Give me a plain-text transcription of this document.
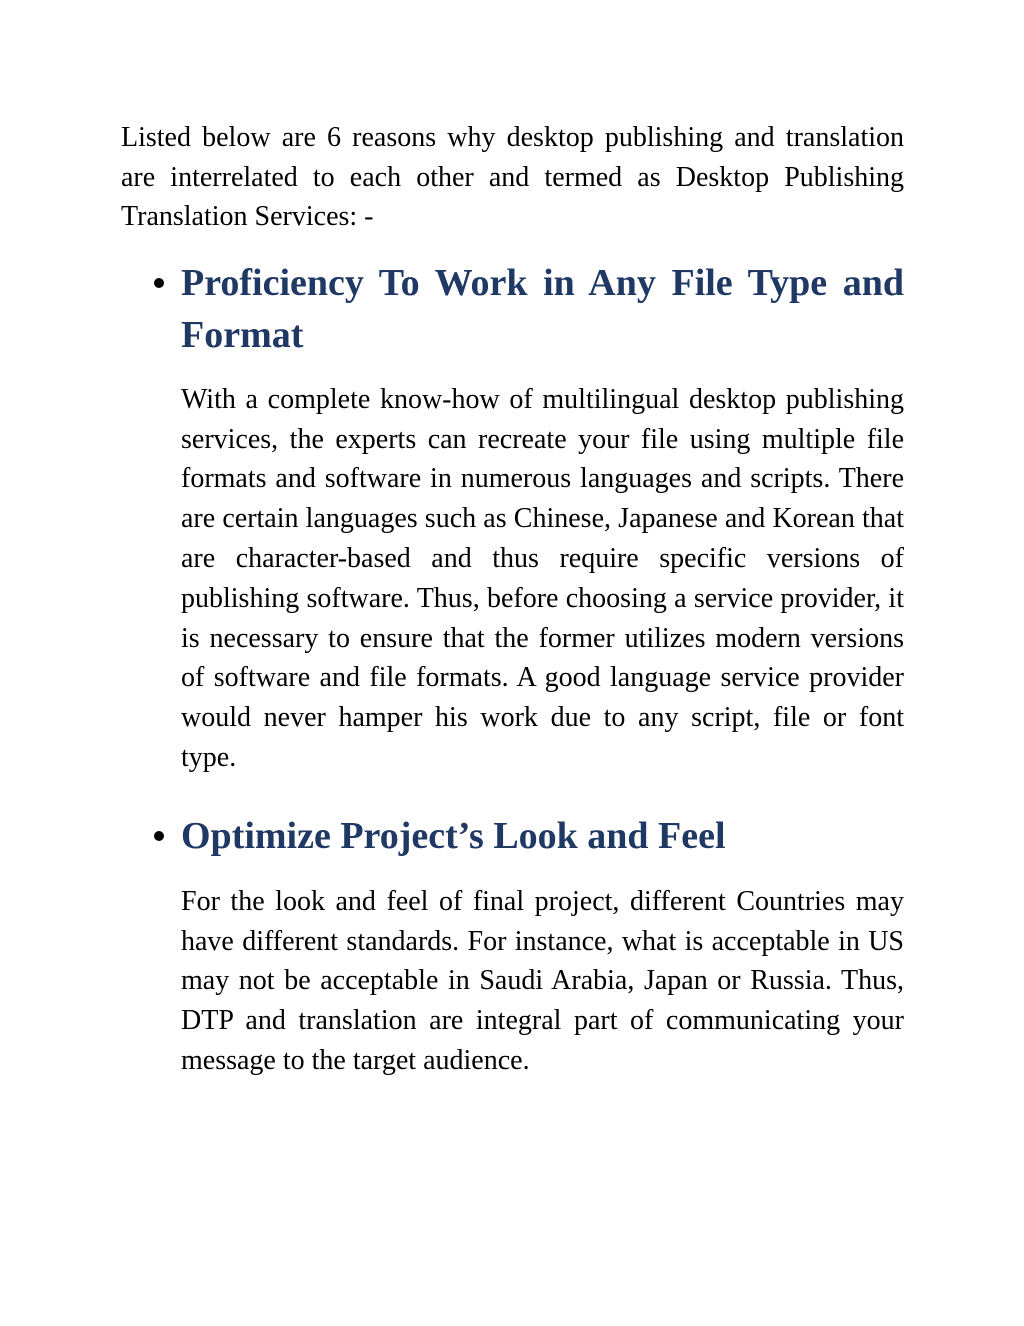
Listed below are 6 reasons why desktop publishing and translation are interrelated to each other and termed as Desktop Publishing Translation Services: -

Proficiency To Work in Any File Type and Format

With a complete know-how of multilingual desktop publishing services, the experts can recreate your file using multiple file formats and software in numerous languages and scripts. There are certain languages such as Chinese, Japanese and Korean that are character-based and thus require specific versions of publishing software. Thus, before choosing a service provider, it is necessary to ensure that the former utilizes modern versions of software and file formats. A good language service provider would never hamper his work due to any script, file or font type.

Optimize Project’s Look and Feel

For the look and feel of final project, different Countries may have different standards. For instance, what is acceptable in US may not be acceptable in Saudi Arabia, Japan or Russia. Thus, DTP and translation are integral part of communicating your message to the target audience.
